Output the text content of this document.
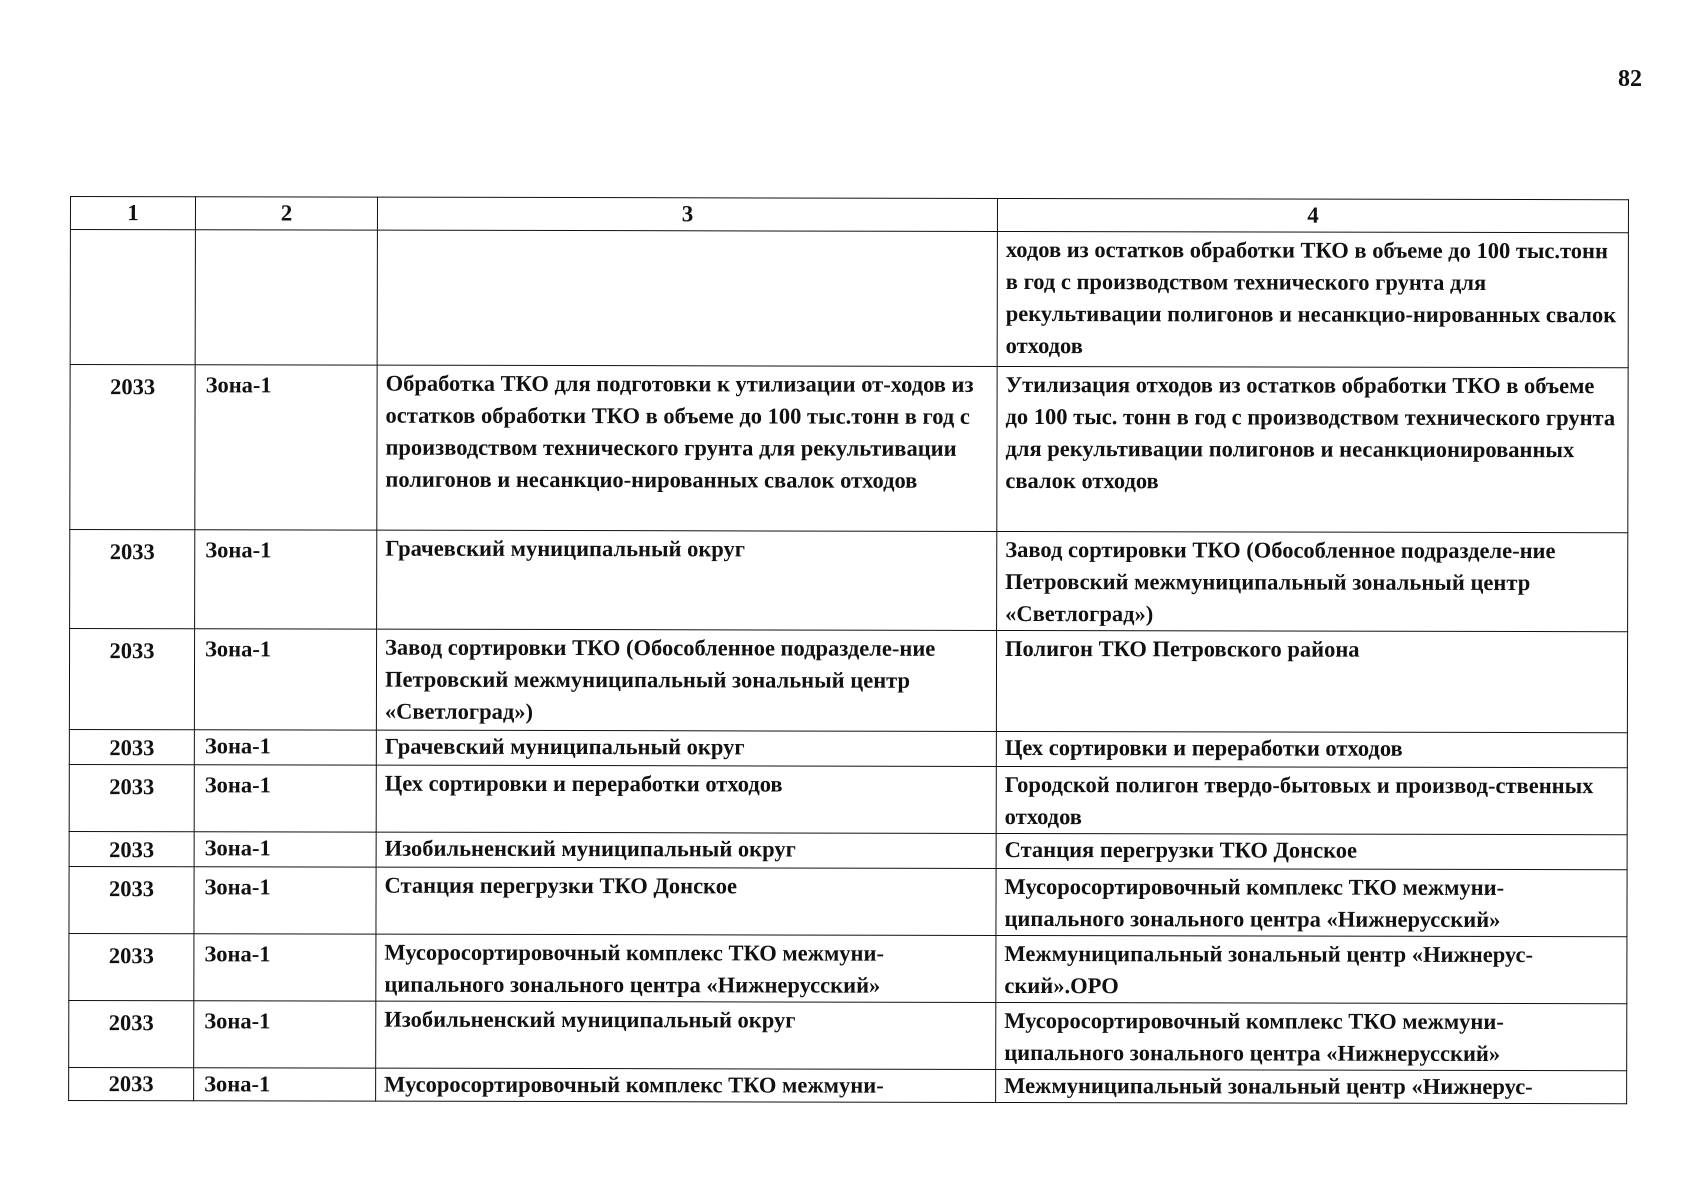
82
1	2	3	4
			ходов из остатков обработки ТКО в объеме до 100 тыс.тонн в год с производством технического грунта для рекультивации полигонов и несанкцио-нированных свалок отходов
2033	Зона-1	Обработка ТКО для подготовки к утилизации от-ходов из остатков обработки ТКО в объеме до 100 тыс.тонн в год с производством технического грунта для рекультивации полигонов и несанкцио-нированных свалок отходов	Утилизация отходов из остатков обработки ТКО в объеме до 100 тыс. тонн в год с производством технического грунта для рекультивации полигонов и несанкционированных свалок отходов
2033	Зона-1	Грачевский муниципальный округ	Завод сортировки ТКО (Обособленное подразделе-ние Петровский межмуниципальный зональный центр «Светлоград»)
2033	Зона-1	Завод сортировки ТКО (Обособленное подразделе-ние Петровский межмуниципальный зональный центр «Светлоград»)	Полигон ТКО Петровского района
2033	Зона-1	Грачевский муниципальный округ	Цех сортировки и переработки отходов
2033	Зона-1	Цех сортировки и переработки отходов	Городской полигон твердо-бытовых и производ-ственных отходов
2033	Зона-1	Изобильненский муниципальный округ	Станция перегрузки ТКО Донское
2033	Зона-1	Станция перегрузки ТКО Донское	Мусоросортировочный комплекс ТКО межмуни-ципального зонального центра «Нижнерусский»
2033	Зона-1	Мусоросортировочный комплекс ТКО межмуни-ципального зонального центра «Нижнерусский»	Межмуниципальный зональный центр «Нижнерус-ский».ОРО
2033	Зона-1	Изобильненский муниципальный округ	Мусоросортировочный комплекс ТКО межмуни-ципального зонального центра «Нижнерусский»
2033	Зона-1	Мусоросортировочный комплекс ТКО межмуни-	Межмуниципальный зональный центр «Нижнерус-
